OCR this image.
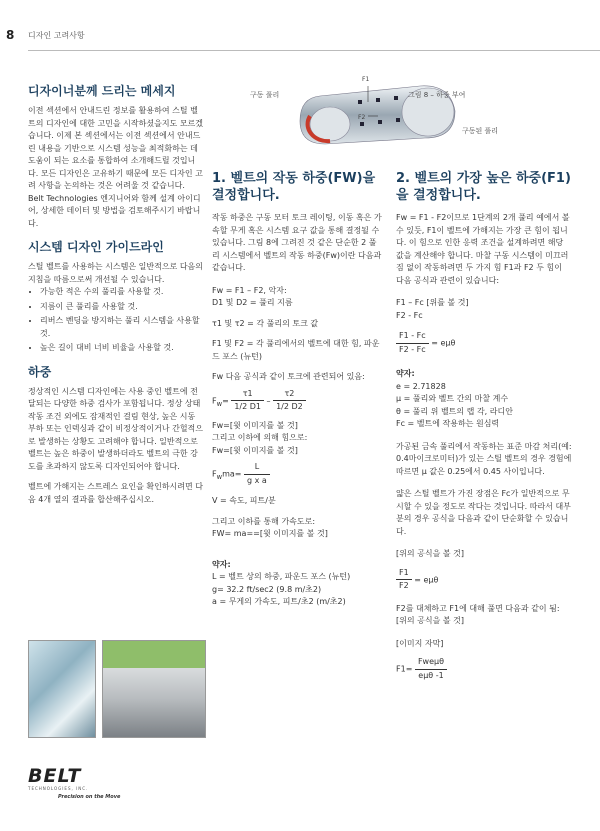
8 디자인 고려사항
구동 풀리
F1
F2
그림 8 – 하중 부여
구동된 풀리
디자이너분께 드리는 메세지

이전 섹션에서 안내드린 정보를 활용하여 스틸 벨트의 디자인에 대한 고민을 시작하셨을지도 모르겠습니다. 이제 본 섹션에서는 이전 섹션에서 안내드린 내용을 기반으로 시스템 성능을 최적화하는 데 도움이 되는 요소를 통합하여 소개해드릴 것입니다. 모든 디자인은 고유하기 때문에 모든 디자인 고려 사항을 논의하는 것은 어려울 것 같습니다.

Belt Technologies 엔지니어와 함께 설계 아이디어, 상세한 데이터 및 방법을 검토해주시기 바랍니다.

시스템 디자인 가이드라인

스틸 벨트를 사용하는 시스템은 일반적으로 다음의 지침을 따름으로써 개선될 수 있습니다.

• 가능한 적은 수의 풀리를 사용할 것.
• 지름이 큰 풀리를 사용할 것.
• 리버스 벤딩을 방지하는 풀리 시스템을 사용할 것.
• 높은 길이 대비 너비 비율을 사용할 것.
하중

정상적인 시스템 디자인에는 사용 중인 벨트에 전달되는 다양한 하중 검사가 포함됩니다. 정상 상태 작동 조건 외에도 잠재적인 걸림 현상, 높은 시동 부하 또는 인덱싱과 같이 비정상적이거나 간헐적으로 발생하는 상황도 고려해야 합니다. 일반적으로 벨트는 높은 하중이 발생하더라도 벨트의 극한 강도를 초과하지 않도록 디자인되어야 합니다.

벨트에 가해지는 스트레스 요인을 확인하시려면 다음 4개 열의 결과를 합산해주십시오.

1. 벨트의 작동 하중(FW)을 결정합니다.

작동 하중은 구동 모터 토크 레이팅, 이동 혹은 가속할 무게 혹은 시스템 요구 값을 통해 결정될 수 있습니다. 그림 8에 그려진 것 같은 단순한 2 풀리 시스템에서 벨트의 작동 하중(Fw)이란 다음과 같습니다.

Fw = F1 – F2, 악자:
D1 및 D2 = 풀리 지름
τ1 및 τ2 = 각 풀리의 토크 값

F1 및 F2 = 각 풀리에서의 벨트에 대한 힘, 파운드 포스 (뉴턴)

Fw 다음 공식과 같이 토크에 관련되어 있음:

$F_w= \frac{\tau 1}{1/2 D1} - \frac{\tau 2}{1/2 D2}$
Fw=[윗 이미지를 볼 것]
그리고 이하에 의해 힘으로:
Fw=[윗 이미지를 볼 것]
$F_wma= \frac{L}{\text{g x a}}$

V = 속도, 피트/분

그리고 이하를 통해 가속도로:
FW= ma==[윗 이미지를 볼 것]
약자:
L = 벨트 상의 하중, 파운드 포스 (뉴턴)
g= 32.2 ft/sec2 (9.8 m/초2)
a = 무게의 가속도, 피트/초2 (m/초2)
2. 벨트의 가장 높은 하중(F1)을 결정합니다.

Fw = F1 - F2이므로 1단계의 2개 풀리 예에서 볼 수 있듯, F1이 벨트에 가해지는 가장 큰 힘이 됩니다. 이 힘으로 인한 응력 조건을 설계하려면 해당 값을 계산해야 합니다. 마찰 구동 시스템이 미끄러짐 없이 작동하려면 두 가지 힘 F1과 F2 두 힘이 다음 공식과 관련이 있습니다:

F1 – Fc [위를 볼 것]
F2 - Fc
$\frac{F1 - Fc}{F2 - Fc} = e\mu\theta$
약자:
e = 2.71828
μ = 풀리와 벨트 간의 마찰 계수
θ = 풀리 위 벨트의 랩 각, 라디안
Fc = 벨트에 작용하는 원심력

가공된 금속 풀리에서 작동하는 표준 마감 처리(예: 0.4마이크로미터)가 있는 스틸 벨트의 경우 경험에 따르면 μ 값은 0.25에서 0.45 사이입니다.

얇은 스틸 벨트가 가진 장점은 Fc가 일반적으로 무시할 수 있을 정도로 작다는 것입니다. 따라서 대부분의 경우 공식을 다음과 같이 단순화할 수 있습니다.

[위의 공식을 볼 것]
$\frac{F1}{F2} = e\mu\theta$

F2를 대체하고 F1에 대해 풀면 다음과 같이 됨: [위의 공식을 볼 것]

[이미지 자막]
$F1= \frac{\text{Fweμθ}}{\text{eμθ -1}}$
BELT
TECHNOLOGIES, INC.
Precision on the Move
